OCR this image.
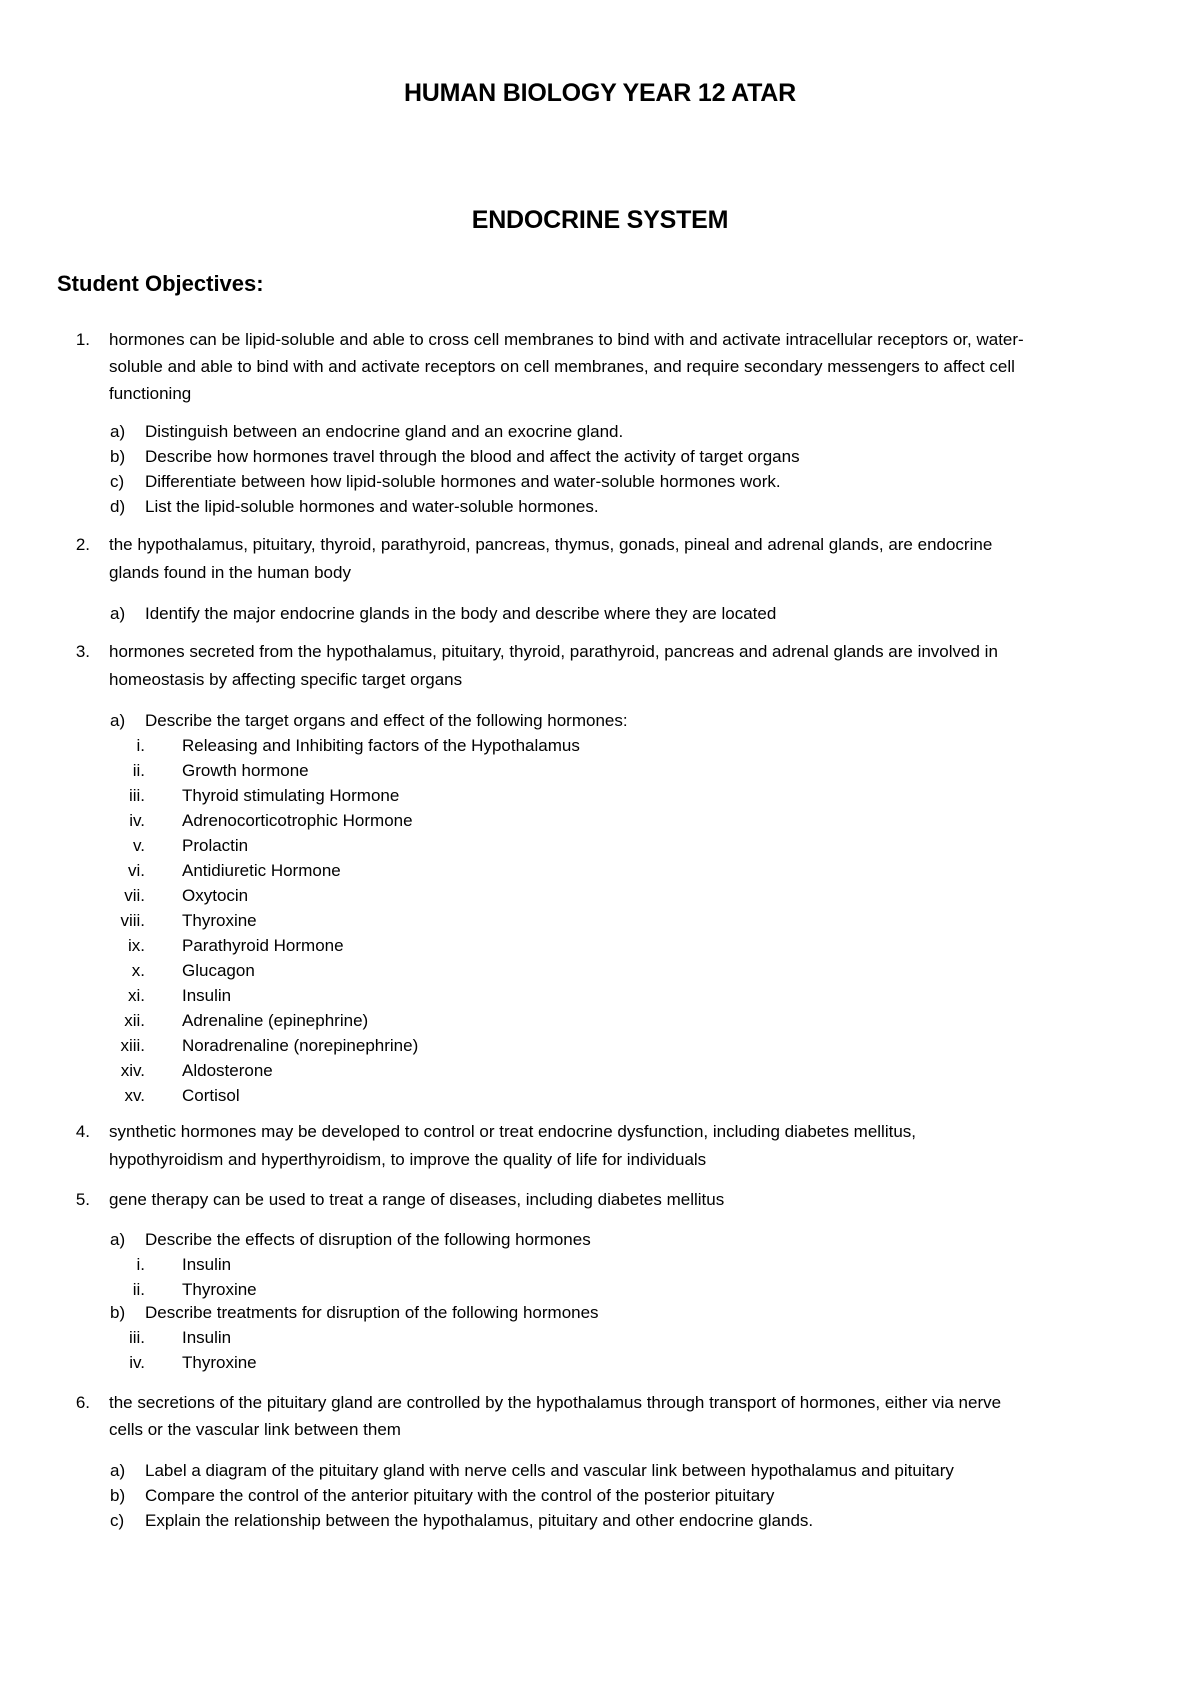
HUMAN BIOLOGY YEAR 12 ATAR
ENDOCRINE SYSTEM
Student Objectives:
1. hormones can be lipid-soluble and able to cross cell membranes to bind with and activate intracellular receptors or, water-
soluble and able to bind with and activate receptors on cell membranes, and require secondary messengers to affect cell
functioning
a) Distinguish between an endocrine gland and an exocrine gland.
b) Describe how hormones travel through the blood and affect the activity of target organs
c)	Differentiate between how lipid-soluble hormones and water-soluble hormones work.
d) List the lipid-soluble hormones and water-soluble hormones.
2. the hypothalamus, pituitary, thyroid, parathyroid, pancreas, thymus, gonads, pineal and adrenal glands, are endocrine
glands found in the human body
a) Identify the major endocrine glands in the body and describe where they are located
3. hormones secreted from the hypothalamus, pituitary, thyroid, parathyroid, pancreas and adrenal glands are involved in
homeostasis by affecting specific target organs
a) Describe the target organs and effect of the following hormones:
i. Releasing and Inhibiting factors of the Hypothalamus
ii. Growth hormone
iii. Thyroid stimulating Hormone
iv. Adrenocorticotrophic Hormone
v. Prolactin
vi. Antidiuretic Hormone
vii. Oxytocin
viii. Thyroxine
ix. Parathyroid Hormone
x. Glucagon
xi. Insulin
xii. Adrenaline (epinephrine)
xiii. Noradrenaline (norepinephrine)
xiv. Aldosterone
xv. Cortisol
4. synthetic hormones may be developed to control or treat endocrine dysfunction, including diabetes mellitus,
hypothyroidism and hyperthyroidism, to improve the quality of life for individuals
5. gene therapy can be used to treat a range of diseases, including diabetes mellitus
a) Describe the effects of disruption of the following hormones
i. Insulin
ii. Thyroxine
b) Describe treatments for disruption of the following hormones
iii. Insulin
iv. Thyroxine
6. the secretions of the pituitary gland are controlled by the hypothalamus through transport of hormones, either via nerve
cells or the vascular link between them
a) Label a diagram of the pituitary gland with nerve cells and vascular link between hypothalamus and pituitary
b) Compare the control of the anterior pituitary with the control of the posterior pituitary
c)	Explain the relationship between the hypothalamus, pituitary and other endocrine glands.
